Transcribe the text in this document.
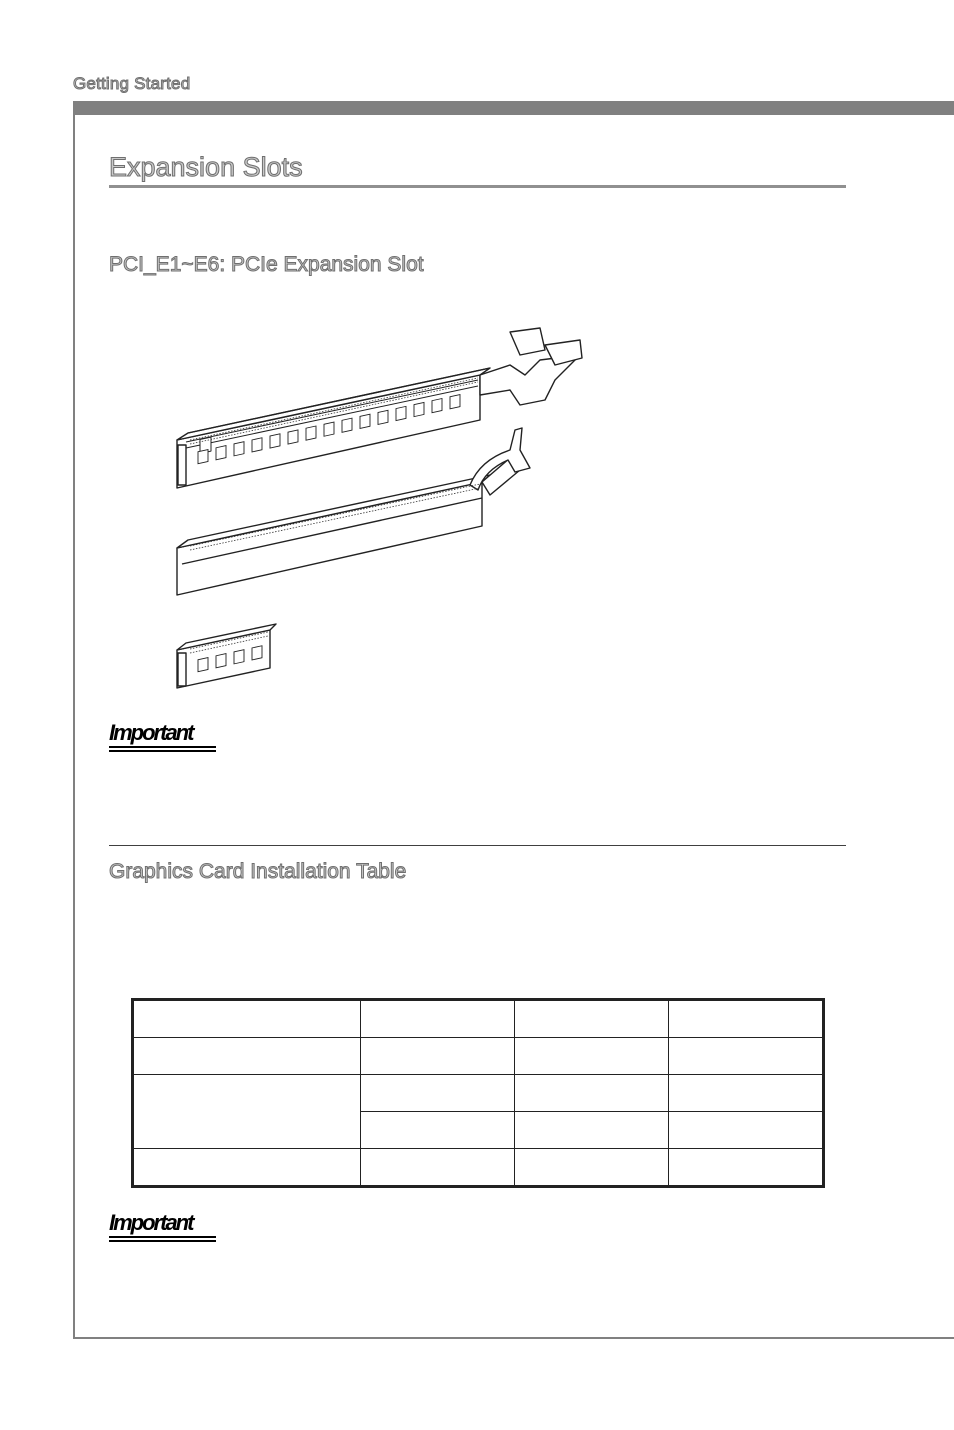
Getting Started
Expansion Slots
PCI_E1~E6: PCIe Expansion Slot
Important
Graphics Card Installation Table

Important
